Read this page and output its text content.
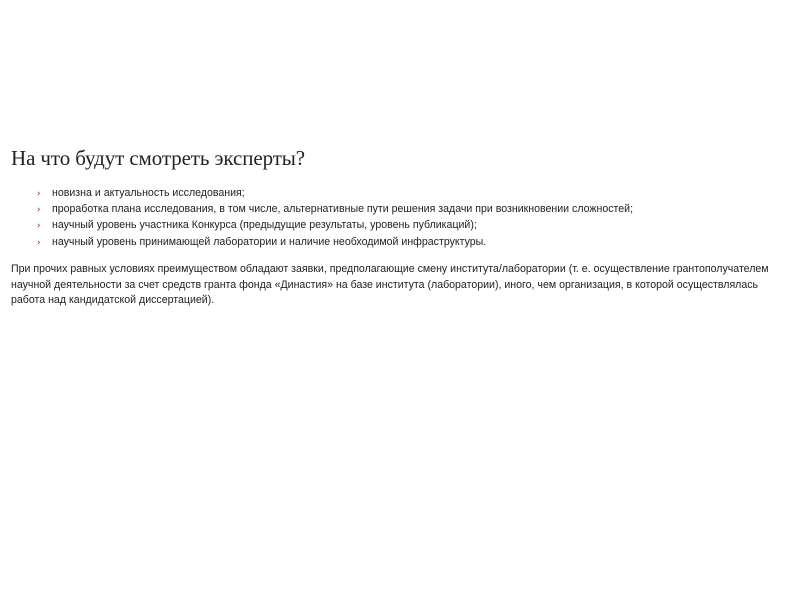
На что будут смотреть эксперты?
› новизна и актуальность исследования;
› проработка плана исследования, в том числе, альтернативные пути решения задачи при возникновении сложностей;
› научный уровень участника Конкурса (предыдущие результаты, уровень публикаций);
› научный уровень принимающей лаборатории и наличие необходимой инфраструктуры.

При прочих равных условиях преимуществом обладают заявки, предполагающие смену института/лаборатории (т. е. осуществление грантополучателем научной деятельности за счет средств гранта фонда «Династия» на базе института (лаборатории), иного, чем организация, в которой осуществлялась работа над кандидатской диссертацией).
